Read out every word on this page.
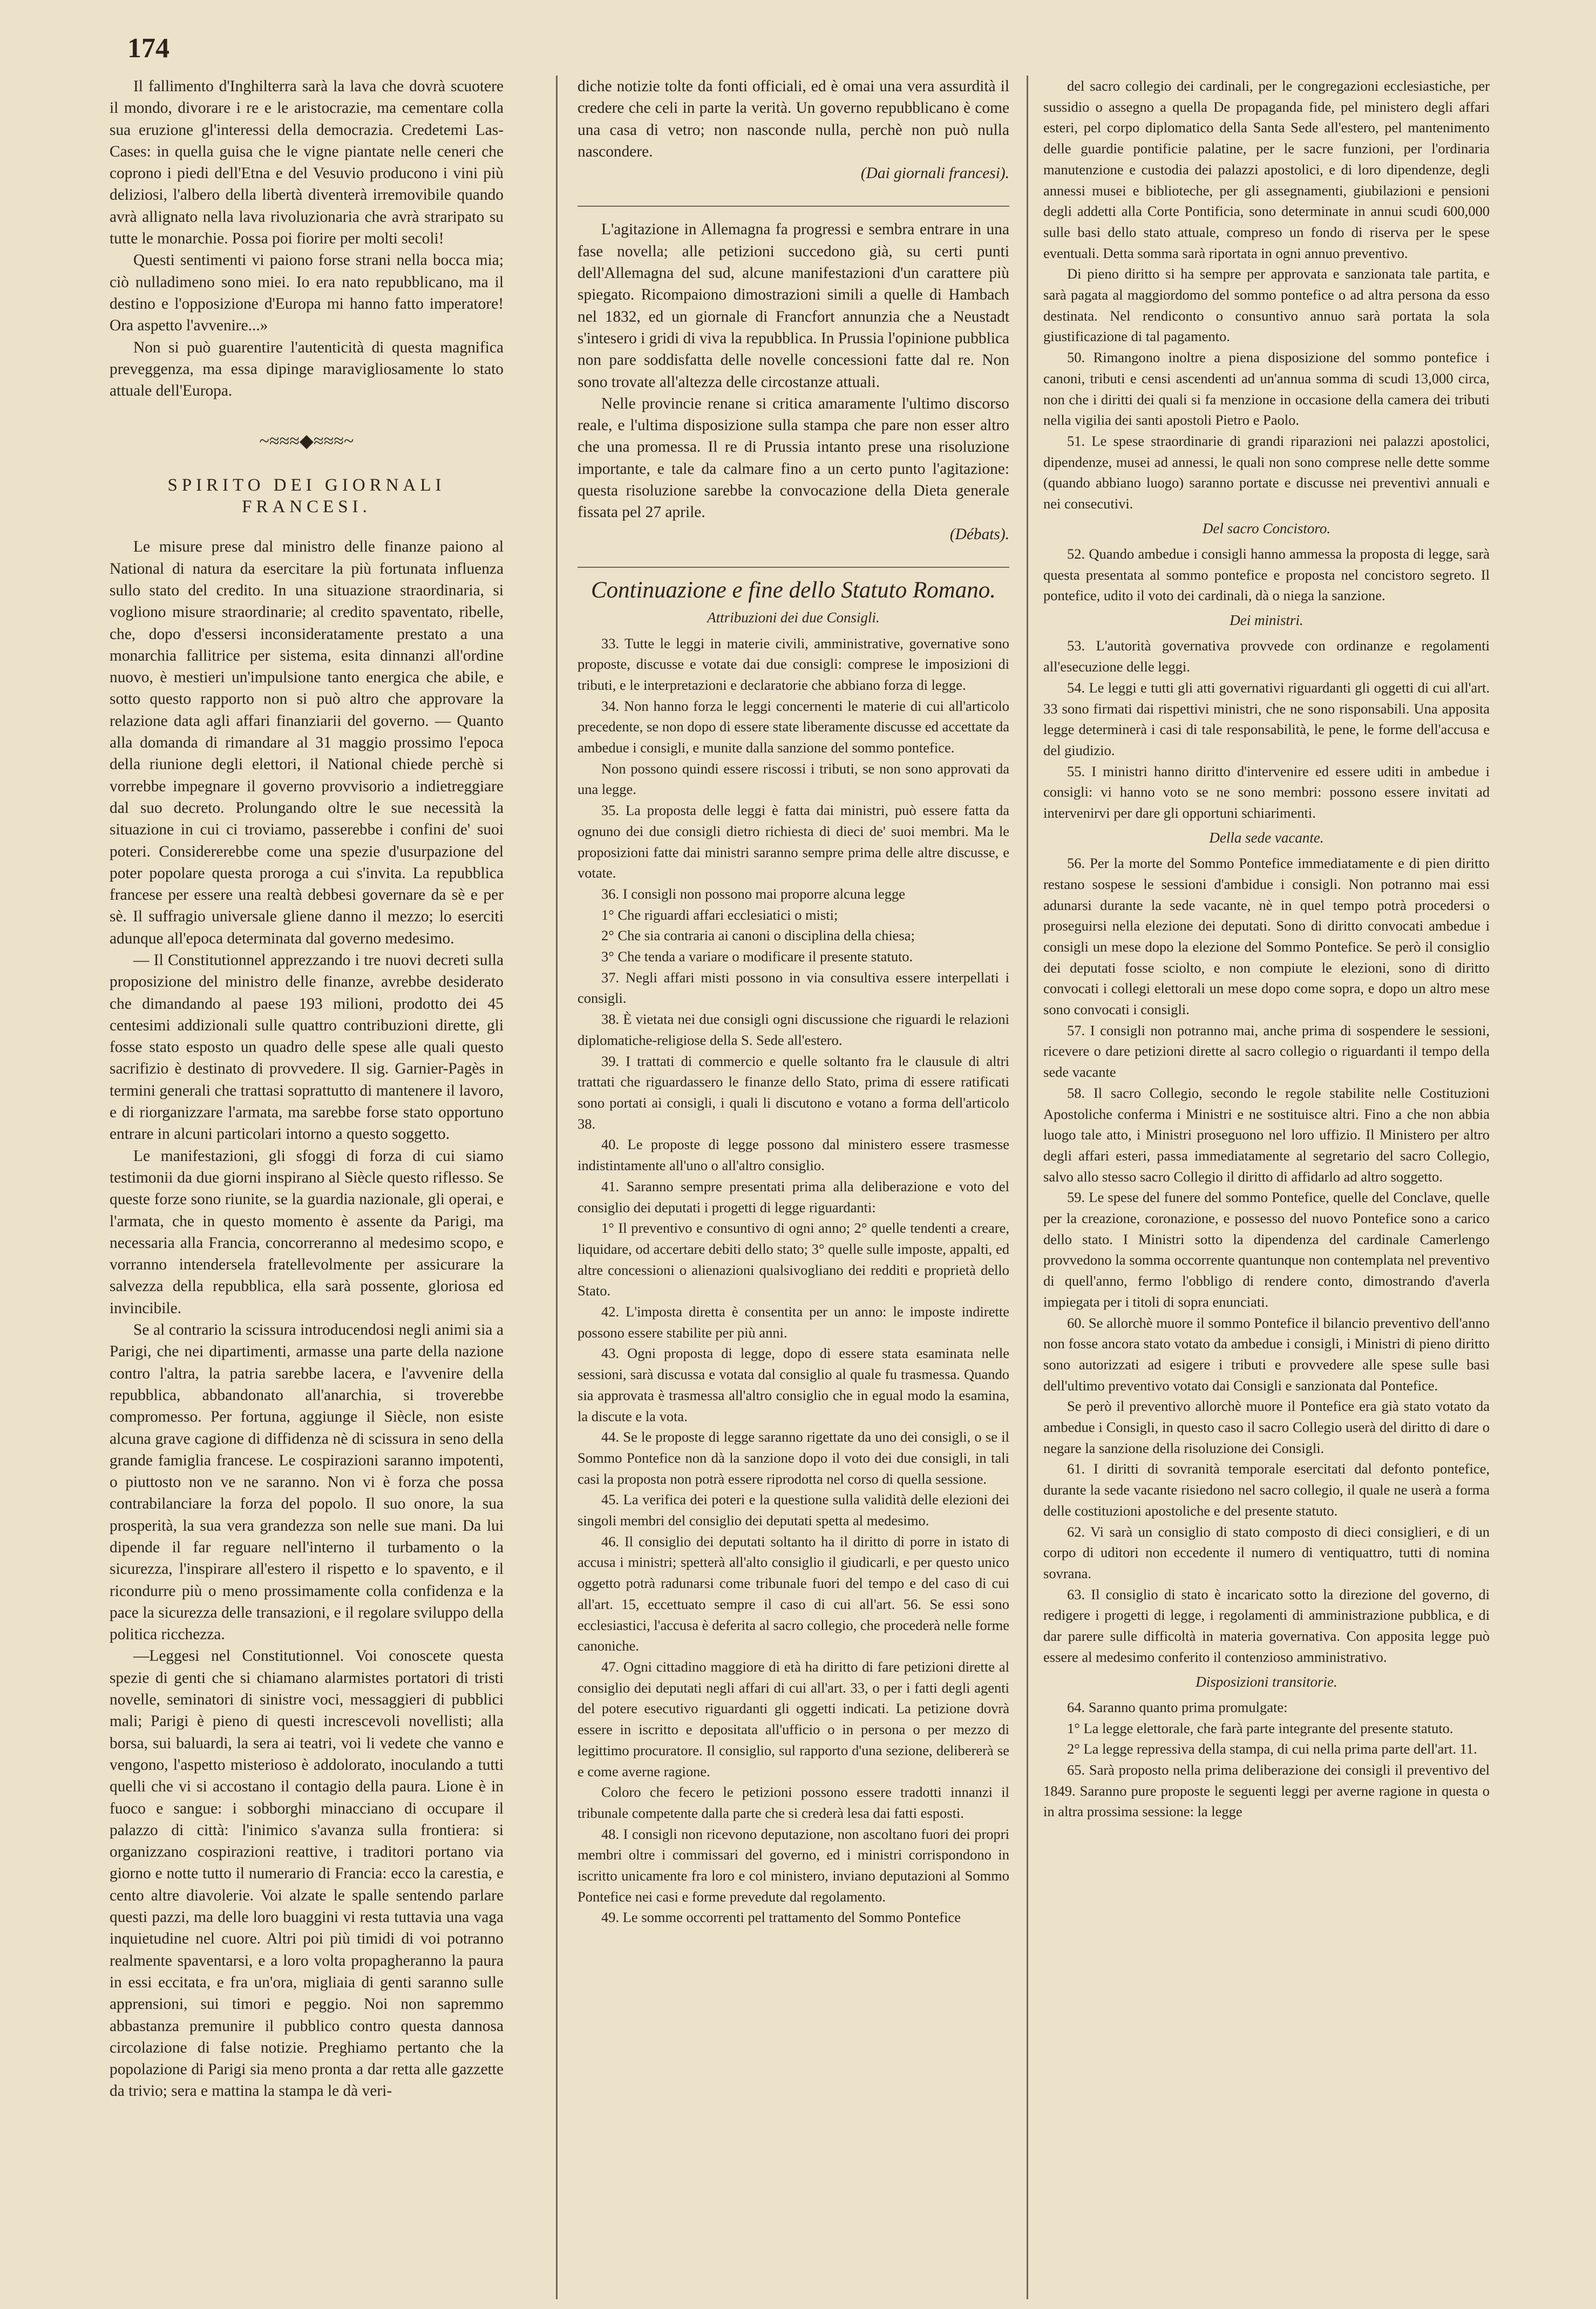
174

Il fallimento d'Inghilterra sarà la lava che dovrà scuotere il mondo, divorare i re e le aristocrazie, ma cementare colla sua eruzione gl'interessi della democrazia. Credetemi Las-Cases: in quella guisa che le vigne piantate nelle ceneri che coprono i piedi dell'Etna e del Vesuvio producono i vini più deliziosi, l'albero della libertà diventerà irremovibile quando avrà allignato nella lava rivoluzionaria che avrà straripato su tutte le monarchie. Possa poi fiorire per molti secoli!

Questi sentimenti vi paiono forse strani nella bocca mia; ciò nulladimeno sono miei. Io era nato repubblicano, ma il destino e l'opposizione d'Europa mi hanno fatto imperatore! Ora aspetto l'avvenire...»

Non si può guarentire l'autenticità di questa magnifica preveggenza, ma essa dipinge maravigliosamente lo stato attuale dell'Europa.

~≈≈≈◆≈≈≈~
SPIRITO DEI GIORNALI FRANCESI.

Le misure prese dal ministro delle finanze paiono al National di natura da esercitare la più fortunata influenza sullo stato del credito. In una situazione straordinaria, si vogliono misure straordinarie; al credito spaventato, ribelle, che, dopo d'essersi inconsideratamente prestato a una monarchia fallitrice per sistema, esita dinnanzi all'ordine nuovo, è mestieri un'impulsione tanto energica che abile, e sotto questo rapporto non si può altro che approvare la relazione data agli affari finanziarii del governo. — Quanto alla domanda di rimandare al 31 maggio prossimo l'epoca della riunione degli elettori, il National chiede perchè si vorrebbe impegnare il governo provvisorio a indietreggiare dal suo decreto. Prolungando oltre le sue necessità la situazione in cui ci troviamo, passerebbe i confini de' suoi poteri. Considererebbe come una spezie d'usurpazione del poter popolare questa proroga a cui s'invita. La repubblica francese per essere una realtà debbesi governare da sè e per sè. Il suffragio universale gliene danno il mezzo; lo eserciti adunque all'epoca determinata dal governo medesimo.

— Il Constitutionnel apprezzando i tre nuovi decreti sulla proposizione del ministro delle finanze, avrebbe desiderato che dimandando al paese 193 milioni, prodotto dei 45 centesimi addizionali sulle quattro contribuzioni dirette, gli fosse stato esposto un quadro delle spese alle quali questo sacrifizio è destinato di provvedere. Il sig. Garnier-Pagès in termini generali che trattasi soprattutto di mantenere il lavoro, e di riorganizzare l'armata, ma sarebbe forse stato opportuno entrare in alcuni particolari intorno a questo soggetto.

Le manifestazioni, gli sfoggi di forza di cui siamo testimonii da due giorni inspirano al Siècle questo riflesso. Se queste forze sono riunite, se la guardia nazionale, gli operai, e l'armata, che in questo momento è assente da Parigi, ma necessaria alla Francia, concorreranno al medesimo scopo, e vorranno intendersela fratellevolmente per assicurare la salvezza della repubblica, ella sarà possente, gloriosa ed invincibile.

Se al contrario la scissura introducendosi negli animi sia a Parigi, che nei dipartimenti, armasse una parte della nazione contro l'altra, la patria sarebbe lacera, e l'avvenire della repubblica, abbandonato all'anarchia, si troverebbe compromesso. Per fortuna, aggiunge il Siècle, non esiste alcuna grave cagione di diffidenza nè di scissura in seno della grande famiglia francese. Le cospirazioni saranno impotenti, o piuttosto non ve ne saranno. Non vi è forza che possa contrabilanciare la forza del popolo. Il suo onore, la sua prosperità, la sua vera grandezza son nelle sue mani. Da lui dipende il far reguare nell'interno il turbamento o la sicurezza, l'inspirare all'estero il rispetto e lo spavento, e il ricondurre più o meno prossimamente colla confidenza e la pace la sicurezza delle transazioni, e il regolare sviluppo della politica ricchezza.

—Leggesi nel Constitutionnel. Voi conoscete questa spezie di genti che si chiamano alarmistes portatori di tristi novelle, seminatori di sinistre voci, messaggieri di pubblici mali; Parigi è pieno di questi increscevoli novellisti; alla borsa, sui baluardi, la sera ai teatri, voi li vedete che vanno e vengono, l'aspetto misterioso è addolorato, inoculando a tutti quelli che vi si accostano il contagio della paura. Lione è in fuoco e sangue: i sobborghi minacciano di occupare il palazzo di città: l'inimico s'avanza sulla frontiera: si organizzano cospirazioni reattive, i traditori portano via giorno e notte tutto il numerario di Francia: ecco la carestia, e cento altre diavolerie. Voi alzate le spalle sentendo parlare questi pazzi, ma delle loro buaggini vi resta tuttavia una vaga inquietudine nel cuore. Altri poi più timidi di voi potranno realmente spaventarsi, e a loro volta propagheranno la paura in essi eccitata, e fra un'ora, migliaia di genti saranno sulle apprensioni, sui timori e peggio. Noi non sapremmo abbastanza premunire il pubblico contro questa dannosa circolazione di false notizie. Preghiamo pertanto che la popolazione di Parigi sia meno pronta a dar retta alle gazzette da trivio; sera e mattina la stampa le dà veri-

diche notizie tolte da fonti officiali, ed è omai una vera assurdità il credere che celi in parte la verità. Un governo repubblicano è come una casa di vetro; non nasconde nulla, perchè non può nulla nascondere.

(Dai giornali francesi).

L'agitazione in Allemagna fa progressi e sembra entrare in una fase novella; alle petizioni succedono già, su certi punti dell'Allemagna del sud, alcune manifestazioni d'un carattere più spiegato. Ricompaiono dimostrazioni simili a quelle di Hambach nel 1832, ed un giornale di Francfort annunzia che a Neustadt s'intesero i gridi di viva la repubblica. In Prussia l'opinione pubblica non pare soddisfatta delle novelle concessioni fatte dal re. Non sono trovate all'altezza delle circostanze attuali.

Nelle provincie renane si critica amaramente l'ultimo discorso reale, e l'ultima disposizione sulla stampa che pare non esser altro che una promessa. Il re di Prussia intanto prese una risoluzione importante, e tale da calmare fino a un certo punto l'agitazione: questa risoluzione sarebbe la convocazione della Dieta generale fissata pel 27 aprile.

(Débats).

Continuazione e fine dello Statuto Romano.
Attribuzioni dei due Consigli.

33. Tutte le leggi in materie civili, amministrative, governative sono proposte, discusse e votate dai due consigli: comprese le imposizioni di tributi, e le interpretazioni e declaratorie che abbiano forza di legge.

34. Non hanno forza le leggi concernenti le materie di cui all'articolo precedente, se non dopo di essere state liberamente discusse ed accettate da ambedue i consigli, e munite dalla sanzione del sommo pontefice.

Non possono quindi essere riscossi i tributi, se non sono approvati da una legge.

35. La proposta delle leggi è fatta dai ministri, può essere fatta da ognuno dei due consigli dietro richiesta di dieci de' suoi membri. Ma le proposizioni fatte dai ministri saranno sempre prima delle altre discusse, e votate.

36. I consigli non possono mai proporre alcuna legge

1° Che riguardi affari ecclesiatici o misti;

2° Che sia contraria ai canoni o disciplina della chiesa;

3° Che tenda a variare o modificare il presente statuto.

37. Negli affari misti possono in via consultiva essere interpellati i consigli.

38. È vietata nei due consigli ogni discussione che riguardi le relazioni diplomatiche-religiose della S. Sede all'estero.

39. I trattati di commercio e quelle soltanto fra le clausule di altri trattati che riguardassero le finanze dello Stato, prima di essere ratificati sono portati ai consigli, i quali li discutono e votano a forma dell'articolo 38.

40. Le proposte di legge possono dal ministero essere trasmesse indistintamente all'uno o all'altro consiglio.

41. Saranno sempre presentati prima alla deliberazione e voto del consiglio dei deputati i progetti di legge riguardanti:

1° Il preventivo e consuntivo di ogni anno; 2° quelle tendenti a creare, liquidare, od accertare debiti dello stato; 3° quelle sulle imposte, appalti, ed altre concessioni o alienazioni qualsivogliano dei redditi e proprietà dello Stato.

42. L'imposta diretta è consentita per un anno: le imposte indirette possono essere stabilite per più anni.

43. Ogni proposta di legge, dopo di essere stata esaminata nelle sessioni, sarà discussa e votata dal consiglio al quale fu trasmessa. Quando sia approvata è trasmessa all'altro consiglio che in egual modo la esamina, la discute e la vota.

44. Se le proposte di legge saranno rigettate da uno dei consigli, o se il Sommo Pontefice non dà la sanzione dopo il voto dei due consigli, in tali casi la proposta non potrà essere riprodotta nel corso di quella sessione.

45. La verifica dei poteri e la questione sulla validità delle elezioni dei singoli membri del consiglio dei deputati spetta al medesimo.

46. Il consiglio dei deputati soltanto ha il diritto di porre in istato di accusa i ministri; spetterà all'alto consiglio il giudicarli, e per questo unico oggetto potrà radunarsi come tribunale fuori del tempo e del caso di cui all'art. 15, eccettuato sempre il caso di cui all'art. 56. Se essi sono ecclesiastici, l'accusa è deferita al sacro collegio, che procederà nelle forme canoniche.

47. Ogni cittadino maggiore di età ha diritto di fare petizioni dirette al consiglio dei deputati negli affari di cui all'art. 33, o per i fatti degli agenti del potere esecutivo riguardanti gli oggetti indicati. La petizione dovrà essere in iscritto e depositata all'ufficio o in persona o per mezzo di legittimo procuratore. Il consiglio, sul rapporto d'una sezione, delibererà se e come averne ragione.

Coloro che fecero le petizioni possono essere tradotti innanzi il tribunale competente dalla parte che si crederà lesa dai fatti esposti.

48. I consigli non ricevono deputazione, non ascoltano fuori dei propri membri oltre i commissari del governo, ed i ministri corrispondono in iscritto unicamente fra loro e col ministero, inviano deputazioni al Sommo Pontefice nei casi e forme prevedute dal regolamento.

49. Le somme occorrenti pel trattamento del Sommo Pontefice

del sacro collegio dei cardinali, per le congregazioni ecclesiastiche, per sussidio o assegno a quella De propaganda fide, pel ministero degli affari esteri, pel corpo diplomatico della Santa Sede all'estero, pel mantenimento delle guardie pontificie palatine, per le sacre funzioni, per l'ordinaria manutenzione e custodia dei palazzi apostolici, e di loro dipendenze, degli annessi musei e biblioteche, per gli assegnamenti, giubilazioni e pensioni degli addetti alla Corte Pontificia, sono determinate in annui scudi 600,000 sulle basi dello stato attuale, compreso un fondo di riserva per le spese eventuali. Detta somma sarà riportata in ogni annuo preventivo.

Di pieno diritto si ha sempre per approvata e sanzionata tale partita, e sarà pagata al maggiordomo del sommo pontefice o ad altra persona da esso destinata. Nel rendiconto o consuntivo annuo sarà portata la sola giustificazione di tal pagamento.

50. Rimangono inoltre a piena disposizione del sommo pontefice i canoni, tributi e censi ascendenti ad un'annua somma di scudi 13,000 circa, non che i diritti dei quali si fa menzione in occasione della camera dei tributi nella vigilia dei santi apostoli Pietro e Paolo.

51. Le spese straordinarie di grandi riparazioni nei palazzi apostolici, dipendenze, musei ad annessi, le quali non sono comprese nelle dette somme (quando abbiano luogo) saranno portate e discusse nei preventivi annuali e nei consecutivi.

Del sacro Concistoro.

52. Quando ambedue i consigli hanno ammessa la proposta di legge, sarà questa presentata al sommo pontefice e proposta nel concistoro segreto. Il pontefice, udito il voto dei cardinali, dà o niega la sanzione.

Dei ministri.

53. L'autorità governativa provvede con ordinanze e regolamenti all'esecuzione delle leggi.

54. Le leggi e tutti gli atti governativi riguardanti gli oggetti di cui all'art. 33 sono firmati dai rispettivi ministri, che ne sono risponsabili. Una apposita legge determinerà i casi di tale responsabilità, le pene, le forme dell'accusa e del giudizio.

55. I ministri hanno diritto d'intervenire ed essere uditi in ambedue i consigli: vi hanno voto se ne sono membri: possono essere invitati ad intervenirvi per dare gli opportuni schiarimenti.

Della sede vacante.

56. Per la morte del Sommo Pontefice immediatamente e di pien diritto restano sospese le sessioni d'ambidue i consigli. Non potranno mai essi adunarsi durante la sede vacante, nè in quel tempo potrà procedersi o proseguirsi nella elezione dei deputati. Sono di diritto convocati ambedue i consigli un mese dopo la elezione del Sommo Pontefice. Se però il consiglio dei deputati fosse sciolto, e non compiute le elezioni, sono di diritto convocati i collegi elettorali un mese dopo come sopra, e dopo un altro mese sono convocati i consigli.

57. I consigli non potranno mai, anche prima di sospendere le sessioni, ricevere o dare petizioni dirette al sacro collegio o riguardanti il tempo della sede vacante

58. Il sacro Collegio, secondo le regole stabilite nelle Costituzioni Apostoliche conferma i Ministri e ne sostituisce altri. Fino a che non abbia luogo tale atto, i Ministri proseguono nel loro uffizio. Il Ministero per altro degli affari esteri, passa immediatamente al segretario del sacro Collegio, salvo allo stesso sacro Collegio il diritto di affidarlo ad altro soggetto.

59. Le spese del funere del sommo Pontefice, quelle del Conclave, quelle per la creazione, coronazione, e possesso del nuovo Pontefice sono a carico dello stato. I Ministri sotto la dipendenza del cardinale Camerlengo provvedono la somma occorrente quantunque non contemplata nel preventivo di quell'anno, fermo l'obbligo di rendere conto, dimostrando d'averla impiegata per i titoli di sopra enunciati.

60. Se allorchè muore il sommo Pontefice il bilancio preventivo dell'anno non fosse ancora stato votato da ambedue i consigli, i Ministri di pieno diritto sono autorizzati ad esigere i tributi e provvedere alle spese sulle basi dell'ultimo preventivo votato dai Consigli e sanzionata dal Pontefice.

Se però il preventivo allorchè muore il Pontefice era già stato votato da ambedue i Consigli, in questo caso il sacro Collegio userà del diritto di dare o negare la sanzione della risoluzione dei Consigli.

61. I diritti di sovranità temporale esercitati dal defonto pontefice, durante la sede vacante risiedono nel sacro collegio, il quale ne userà a forma delle costituzioni apostoliche e del presente statuto.

62. Vi sarà un consiglio di stato composto di dieci consiglieri, e di un corpo di uditori non eccedente il numero di ventiquattro, tutti di nomina sovrana.

63. Il consiglio di stato è incaricato sotto la direzione del governo, di redigere i progetti di legge, i regolamenti di amministrazione pubblica, e di dar parere sulle difficoltà in materia governativa. Con apposita legge può essere al medesimo conferito il contenzioso amministrativo.

Disposizioni transitorie.

64. Saranno quanto prima promulgate:

1° La legge elettorale, che farà parte integrante del presente statuto.

2° La legge repressiva della stampa, di cui nella prima parte dell'art. 11.

65. Sarà proposto nella prima deliberazione dei consigli il preventivo del 1849. Saranno pure proposte le seguenti leggi per averne ragione in questa o in altra prossima sessione: la legge
